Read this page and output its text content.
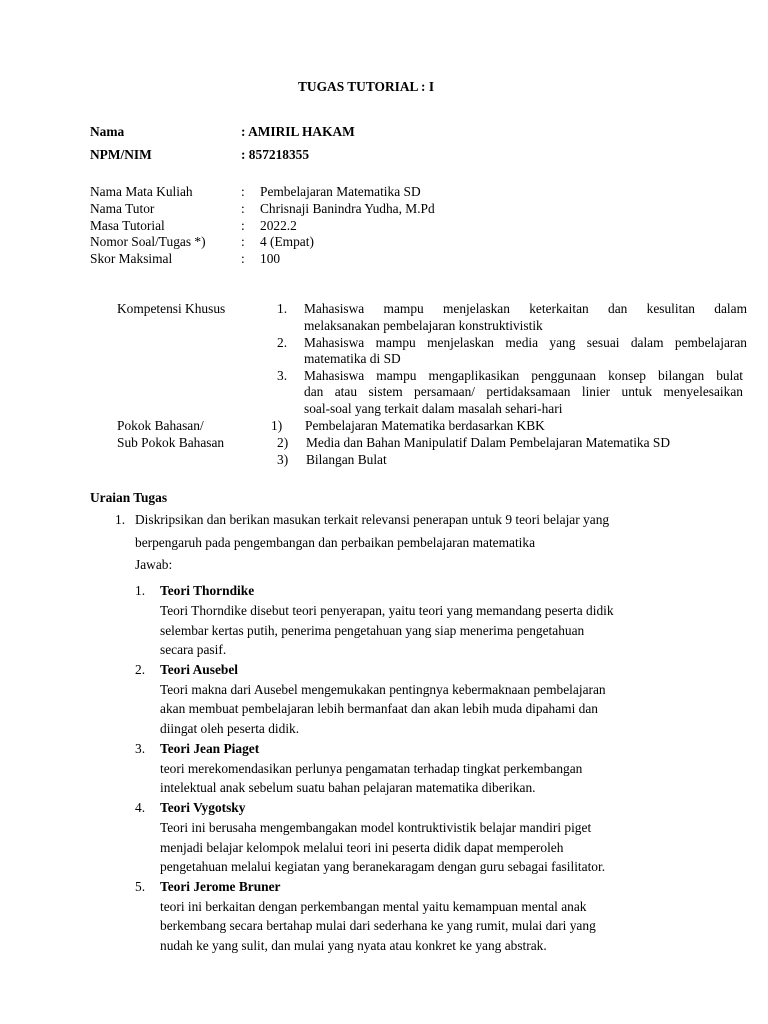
TUGAS TUTORIAL : I
Nama	: AMIRIL HAKAM
NPM/NIM	: 857218355
Nama Mata Kuliah	: Pembelajaran Matematika SD
Nama Tutor	: Chrisnaji Banindra Yudha, M.Pd
Masa Tutorial	: 2022.2
Nomor Soal/Tugas *)	: 4 (Empat)
Skor Maksimal	: 100
Kompetensi Khusus	1. Mahasiswa mampu menjelaskan keterkaitan dan kesulitan dalam
melaksanakan pembelajaran konstruktivistik
2. Mahasiswa mampu menjelaskan media yang sesuai dalam pembelajaran
matematika di SD
3. Mahasiswa mampu mengaplikasikan penggunaan konsep bilangan bulat
dan atau sistem persamaan/ pertidaksamaan linier untuk menyelesaikan
soal-soal yang terkait dalam masalah sehari-hari
Pokok Bahasan/
Sub Pokok Bahasan
1) Pembelajaran Matematika berdasarkan KBK
2) Media dan Bahan Manipulatif Dalam Pembelajaran Matematika SD
3) Bilangan Bulat
Uraian Tugas
1. Diskripsikan dan berikan masukan terkait relevansi penerapan untuk 9 teori belajar yang
berpengaruh pada pengembangan dan perbaikan pembelajaran matematika
Jawab:
1. Teori Thorndike
Teori Thorndike disebut teori penyerapan, yaitu teori yang memandang peserta didik
selembar kertas putih, penerima pengetahuan yang siap menerima pengetahuan
secara pasif.
2. Teori Ausebel
Teori makna dari Ausebel mengemukakan pentingnya kebermaknaan pembelajaran
akan membuat pembelajaran lebih bermanfaat dan akan lebih muda dipahami dan
diingat oleh peserta didik.
3. Teori Jean Piaget
teori merekomendasikan perlunya pengamatan terhadap tingkat perkembangan
intelektual anak sebelum suatu bahan pelajaran matematika diberikan.
4. Teori Vygotsky
Teori ini berusaha mengembangakan model kontruktivistik belajar mandiri piget
menjadi belajar kelompok melalui teori ini peserta didik dapat memperoleh
pengetahuan melalui kegiatan yang beranekaragam dengan guru sebagai fasilitator.
5. Teori Jerome Bruner
teori ini berkaitan dengan perkembangan mental yaitu kemampuan mental anak
berkembang secara bertahap mulai dari sederhana ke yang rumit, mulai dari yang
nudah ke yang sulit, dan mulai yang nyata atau konkret ke yang abstrak.
